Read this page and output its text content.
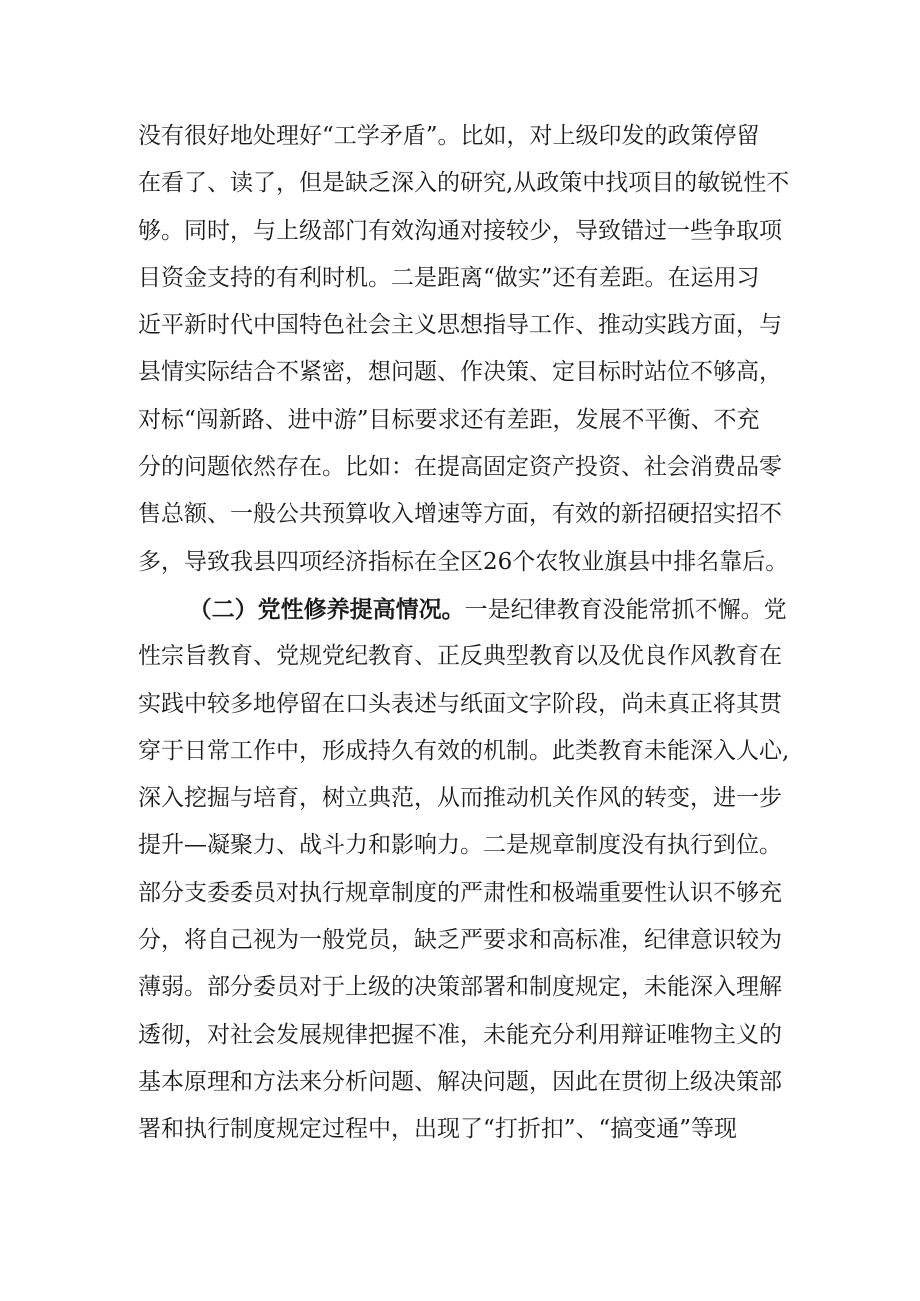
没有很好地处理好“工学矛盾”。比如，对上级印发的政策停留
在看了、读了，但是缺乏深入的研究,从政策中找项目的敏锐性不
够。同时，与上级部门有效沟通对接较少，导致错过一些争取项
目资金支持的有利时机。二是距离“做实”还有差距。在运用习
近平新时代中国特色社会主义思想指导工作、推动实践方面，与
县情实际结合不紧密，想问题、作决策、定目标时站位不够高，
对标“闯新路、进中游”目标要求还有差距，发展不平衡、不充
分的问题依然存在。比如：在提高固定资产投资、社会消费品零
售总额、一般公共预算收入增速等方面，有效的新招硬招实招不
多，导致我县四项经济指标在全区26个农牧业旗县中排名靠后。
（二）党性修养提高情况。一是纪律教育没能常抓不懈。党
性宗旨教育、党规党纪教育、正反典型教育以及优良作风教育在
实践中较多地停留在口头表述与纸面文字阶段，尚未真正将其贯
穿于日常工作中，形成持久有效的机制。此类教育未能深入人心,
深入挖掘与培育，树立典范，从而推动机关作风的转变，进一步
提升—凝聚力、战斗力和影响力。二是规章制度没有执行到位。
部分支委委员对执行规章制度的严肃性和极端重要性认识不够充
分，将自己视为一般党员，缺乏严要求和高标准，纪律意识较为
薄弱。部分委员对于上级的决策部署和制度规定，未能深入理解
透彻，对社会发展规律把握不准，未能充分利用辩证唯物主义的
基本原理和方法来分析问题、解决问题，因此在贯彻上级决策部
署和执行制度规定过程中，出现了“打折扣”、“搞变通”等现
